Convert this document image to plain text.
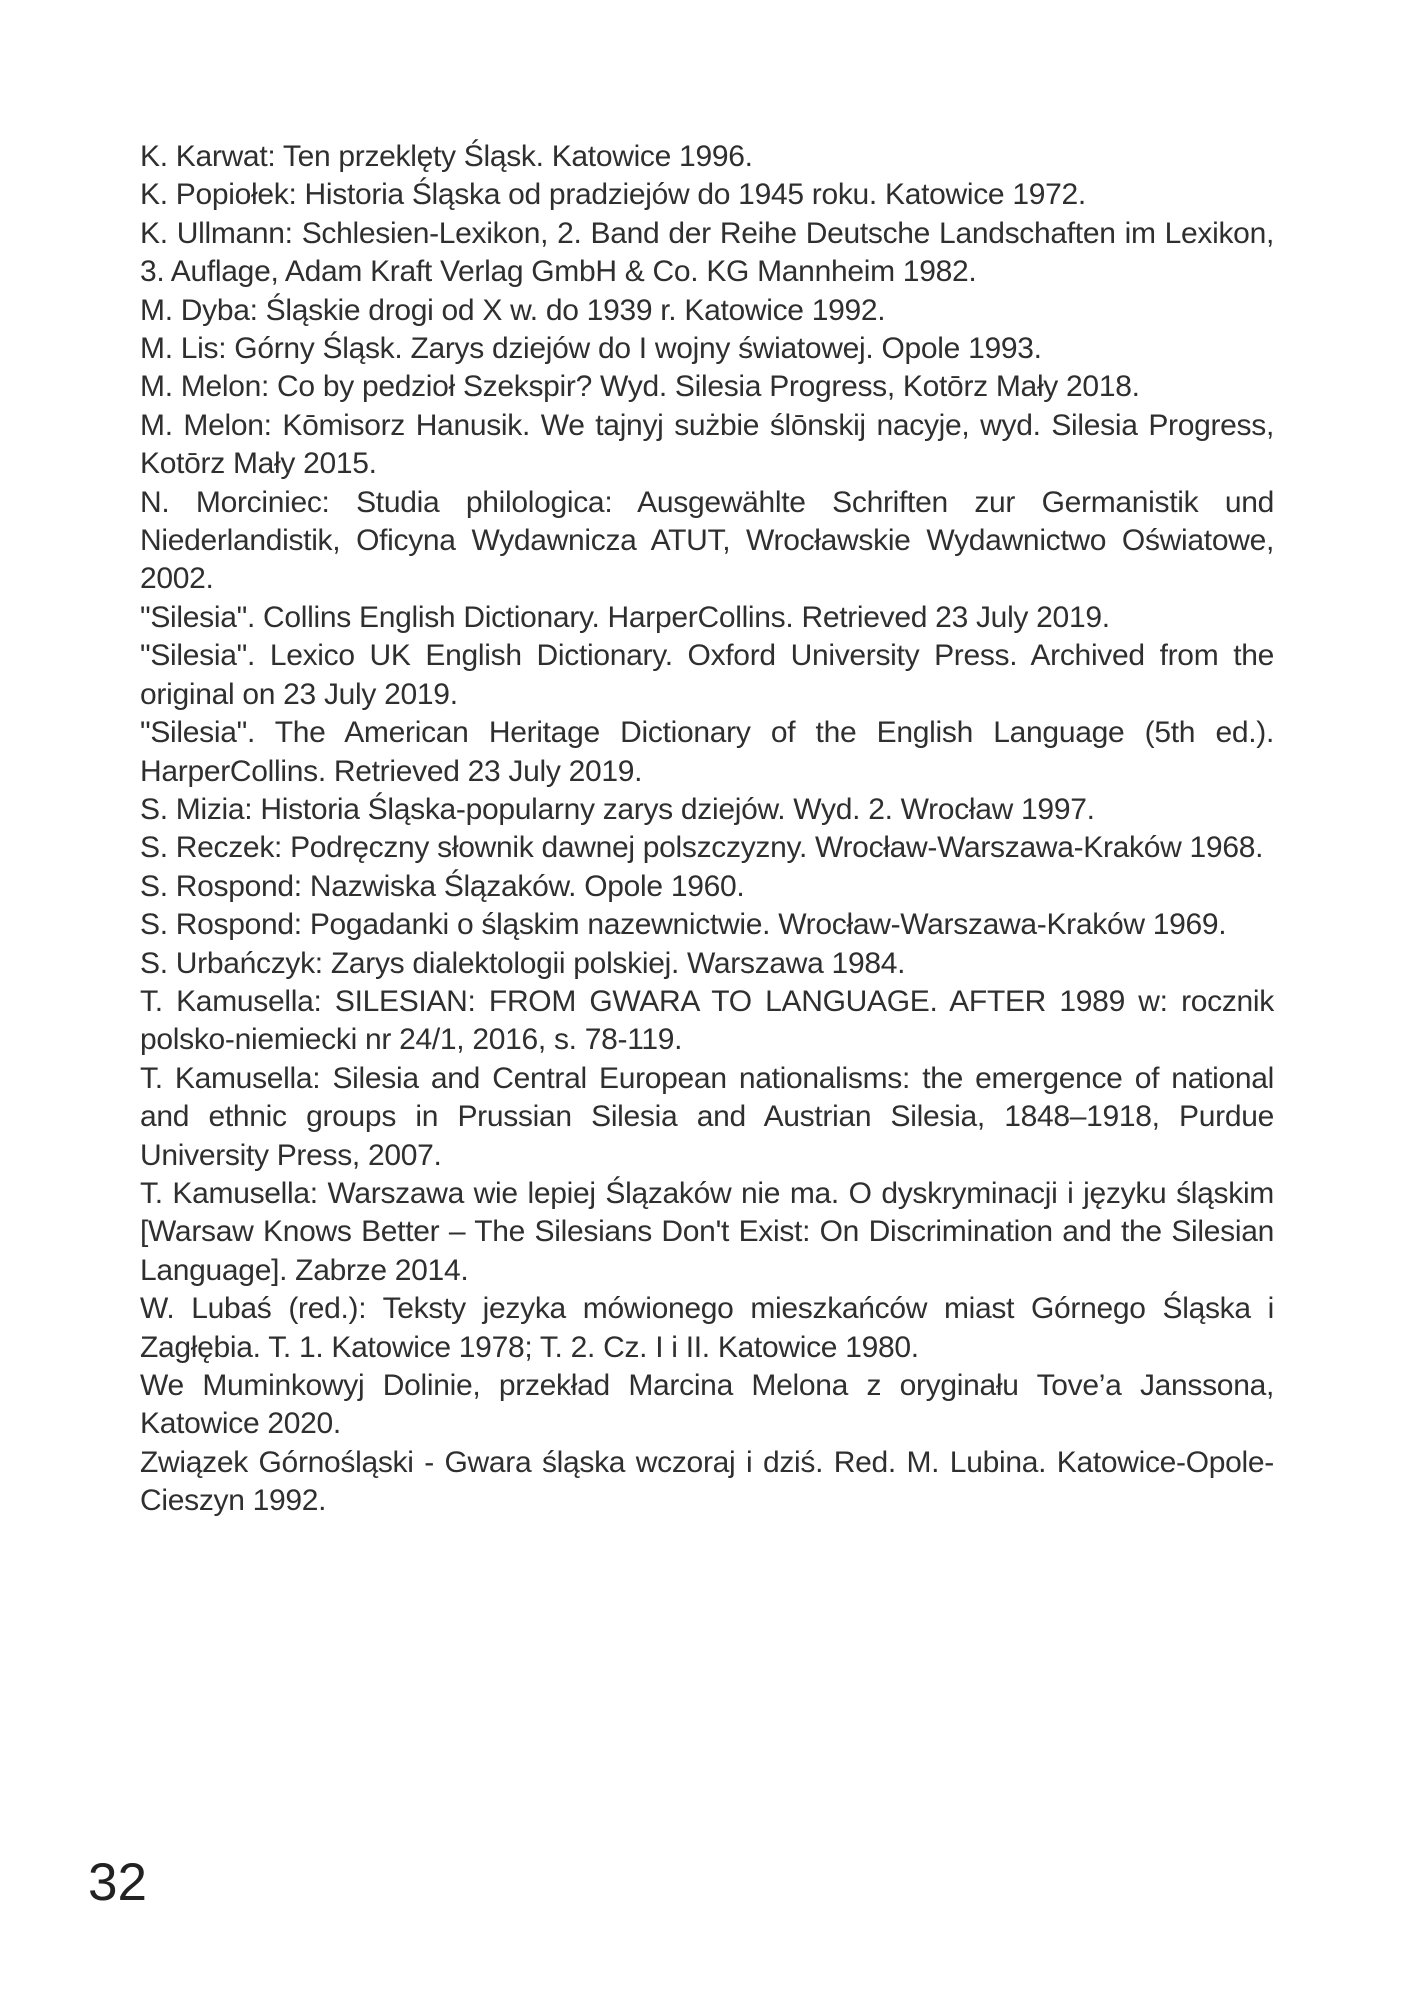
K. Karwat: Ten przeklęty Śląsk. Katowice 1996.

K. Popiołek: Historia Śląska od pradziejów do 1945 roku. Katowice 1972.

K. Ullmann: Schlesien-Lexikon, 2. Band der Reihe Deutsche Landschaften im Lexikon, 3. Auflage, Adam Kraft Verlag GmbH & Co. KG Mannheim 1982.

M. Dyba: Śląskie drogi od X w. do 1939 r. Katowice 1992.

M. Lis: Górny Śląsk. Zarys dziejów do I wojny światowej. Opole 1993.

M. Melon: Co by pedzioł Szekspir? Wyd. Silesia Progress, Kotōrz Mały 2018.

M. Melon: Kōmisorz Hanusik. We tajnyj sużbie ślōnskij nacyje, wyd. Silesia Progress, Kotōrz Mały 2015.

N. Morciniec: Studia philologica: Ausgewählte Schriften zur Germanistik und Niederlandistik, Oficyna Wydawnicza ATUT, Wrocławskie Wydawnictwo Oświatowe, 2002.

"Silesia". Collins English Dictionary. HarperCollins. Retrieved 23 July 2019.

"Silesia". Lexico UK English Dictionary. Oxford University Press. Archived from the original on 23 July 2019.

"Silesia". The American Heritage Dictionary of the English Language (5th ed.). HarperCollins. Retrieved 23 July 2019.

S. Mizia: Historia Śląska-popularny zarys dziejów. Wyd. 2. Wrocław 1997.

S. Reczek: Podręczny słownik dawnej polszczyzny. Wrocław-Warszawa-Kraków 1968.

S. Rospond: Nazwiska Ślązaków. Opole 1960.

S. Rospond: Pogadanki o śląskim nazewnictwie. Wrocław-Warszawa-Kraków 1969.

S. Urbańczyk: Zarys dialektologii polskiej. Warszawa 1984.

T. Kamusella: SILESIAN: FROM GWARA TO LANGUAGE. AFTER 1989 w: rocznik polsko-niemiecki nr 24/1, 2016, s. 78-119.

T. Kamusella: Silesia and Central European nationalisms: the emergence of national and ethnic groups in Prussian Silesia and Austrian Silesia, 1848–1918, Purdue University Press, 2007.

T. Kamusella: Warszawa wie lepiej Ślązaków nie ma. O dyskryminacji i języku śląskim [Warsaw Knows Better – The Silesians Don't Exist: On Discrimination and the Silesian Language]. Zabrze 2014.

W. Lubaś (red.): Teksty jezyka mówionego mieszkańców miast Górnego Śląska i Zagłębia. T. 1. Katowice 1978; T. 2. Cz. I i II. Katowice 1980.

We Muminkowyj Dolinie, przekład Marcina Melona z oryginału Tove’a Janssona, Katowice 2020.

Związek Górnośląski - Gwara śląska wczoraj i dziś. Red. M. Lubina. Katowice-Opole-Cieszyn 1992.

32
